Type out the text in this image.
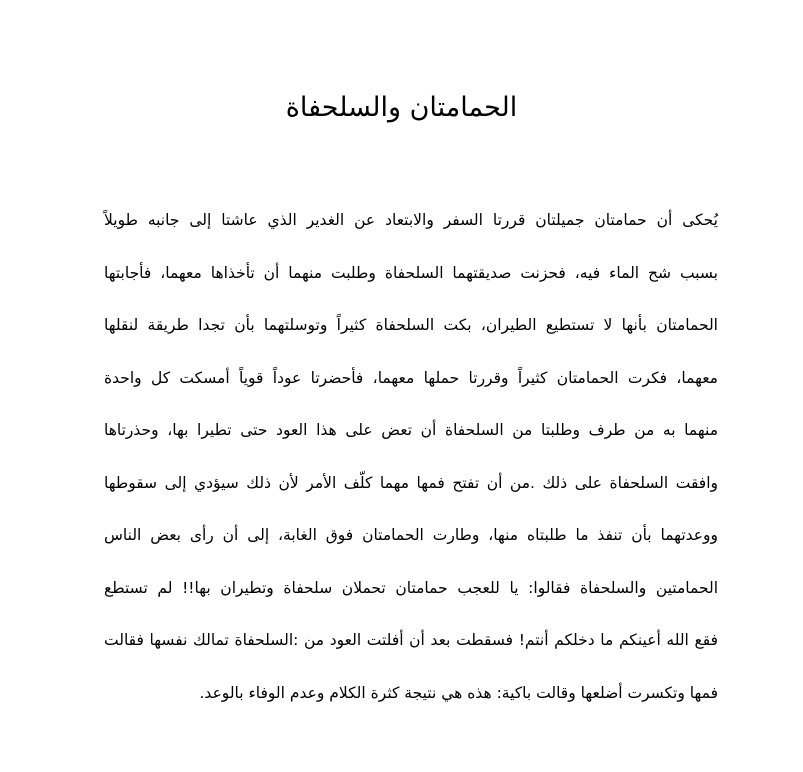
الحمامتان والسلحفاة
يُحكى أن حمامتان جميلتان قررتا السفر والابتعاد عن الغدير الذي عاشتا إلى جانبه طويلاً
بسبب شح الماء فيه، فحزنت صديقتهما السلحفاة وطلبت منهما أن تأخذاها معهما، فأجابتها
الحمامتان بأنها لا تستطيع الطيران، بكت السلحفاة كثيراً وتوسلتهما بأن تجدا طريقة لنقلها
معهما، فكرت الحمامتان كثيراً وقررتا حملها معهما، فأحضرتا عوداً قوياً أمسكت كل واحدة
منهما به من طرف وطلبتا من السلحفاة أن تعض على هذا العود حتى تطيرا بها، وحذرتاها
وافقت السلحفاة على ذلك .من أن تفتح فمها مهما كلّف الأمر لأن ذلك سيؤدي إلى سقوطها
ووعدتهما بأن تنفذ ما طلبتاه منها، وطارت الحمامتان فوق الغابة، إلى أن رأى بعض الناس
الحمامتين والسلحفاة فقالوا: يا للعجب حمامتان تحملان سلحفاة وتطيران بها!! لم تستطع
فقع الله أعينكم ما دخلكم أنتم! فسقطت بعد أن أفلتت العود من :السلحفاة تمالك نفسها فقالت
فمها وتكسرت أضلعها وقالت باكية: هذه هي نتيجة كثرة الكلام وعدم الوفاء بالوعد.
